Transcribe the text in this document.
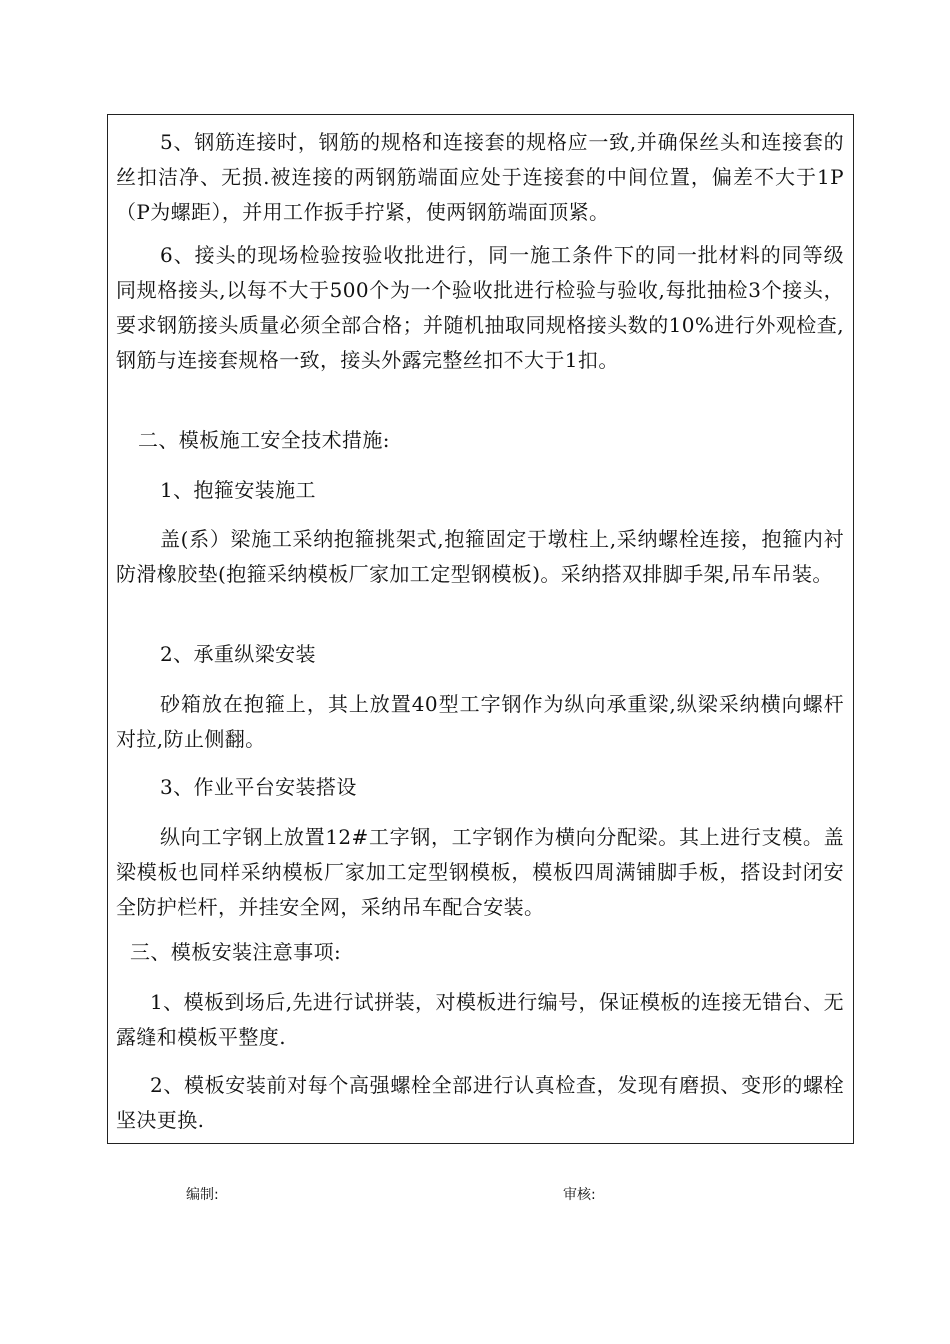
5、钢筋连接时，钢筋的规格和连接套的规格应一致,并确保丝头和连接套的丝扣洁净、无损.被连接的两钢筋端面应处于连接套的中间位置，偏差不大于1P（P为螺距），并用工作扳手拧紧，使两钢筋端面顶紧。

6、接头的现场检验按验收批进行，同一施工条件下的同一批材料的同等级同规格接头,以每不大于500个为一个验收批进行检验与验收,每批抽检3个接头，要求钢筋接头质量必须全部合格；并随机抽取同规格接头数的10%进行外观检查,钢筋与连接套规格一致，接头外露完整丝扣不大于1扣。

二、模板施工安全技术措施:

1、抱箍安装施工

盖(系）梁施工采纳抱箍挑架式,抱箍固定于墩柱上,采纳螺栓连接，抱箍内衬防滑橡胶垫(抱箍采纳模板厂家加工定型钢模板)。采纳搭双排脚手架,吊车吊装。

2、承重纵梁安装

砂箱放在抱箍上，其上放置40型工字钢作为纵向承重梁,纵梁采纳横向螺杆对拉,防止侧翻。

3、作业平台安装搭设

纵向工字钢上放置12#工字钢，工字钢作为横向分配梁。其上进行支模。盖梁模板也同样采纳模板厂家加工定型钢模板，模板四周满铺脚手板，搭设封闭安全防护栏杆，并挂安全网，采纳吊车配合安装。

三、模板安装注意事项:

1、模板到场后,先进行试拼装，对模板进行编号，保证模板的连接无错台、无露缝和模板平整度.

2、模板安装前对每个高强螺栓全部进行认真检查，发现有磨损、变形的螺栓坚决更换.

编制:	审核:
